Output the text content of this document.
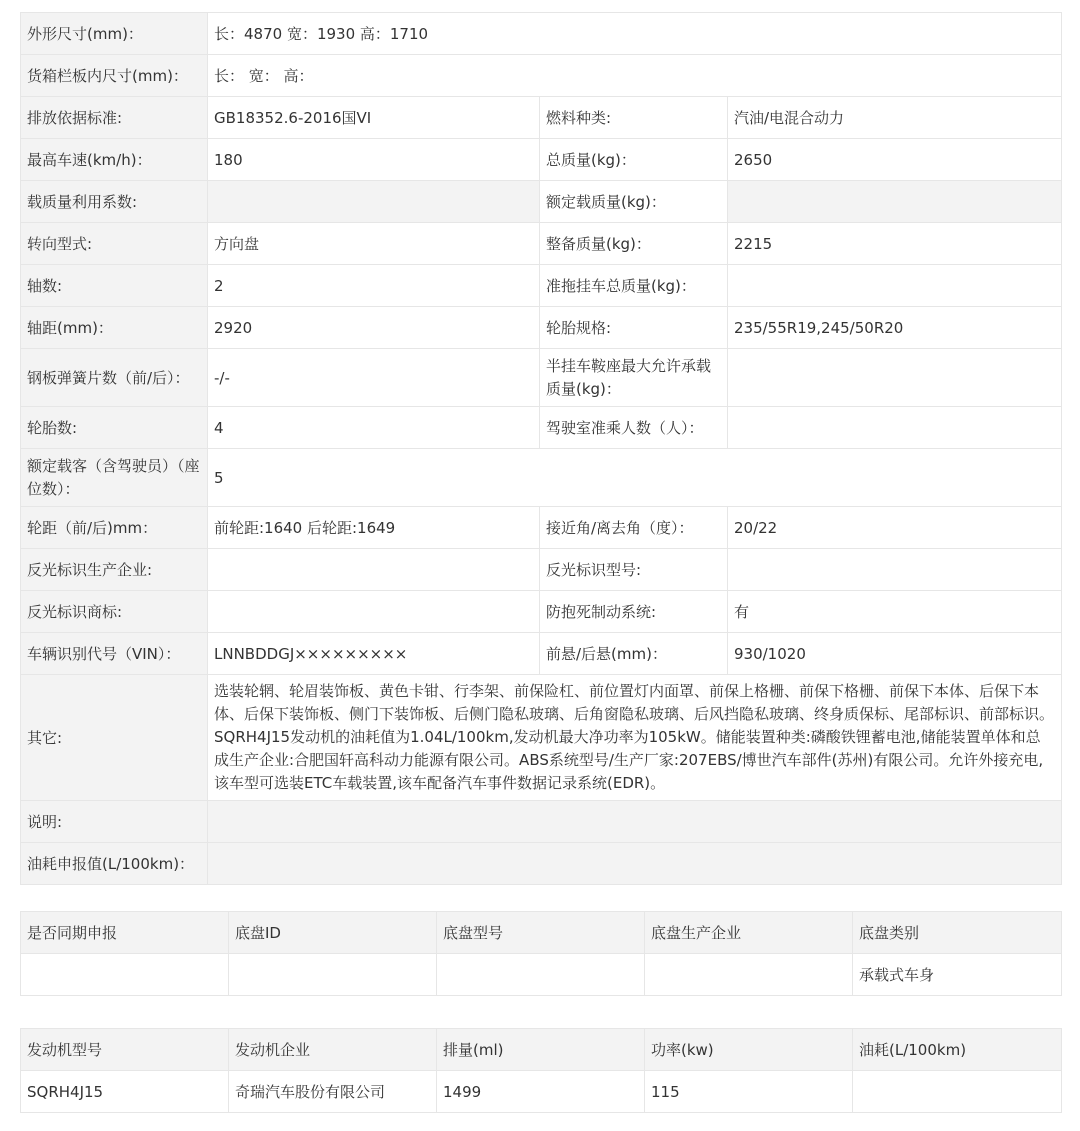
外形尺寸(mm)：	长：4870 宽：1930 高：1710		
货箱栏板内尺寸(mm)：	长： 宽： 高：		
排放依据标准:	GB18352.6-2016国VI	燃料种类:	汽油/电混合动力
最高车速(km/h)：	180	总质量(kg)：	2650
载质量利用系数:		额定载质量(kg)：	
转向型式:	方向盘	整备质量(kg)：	2215
轴数:	2	准拖挂车总质量(kg)：	
轴距(mm)：	2920	轮胎规格:	235/55R19,245/50R20
钢板弹簧片数（前/后）：	-/-	半挂车鞍座最大允许承载质量(kg)：	
轮胎数:	4	驾驶室准乘人数（人）：	
额定载客（含驾驶员）（座位数）：	5		
轮距（前/后)mm：	前轮距:1640 后轮距:1649	接近角/离去角（度）：	20/22
反光标识生产企业:		反光标识型号:	
反光标识商标:		防抱死制动系统:	有
车辆识别代号（VIN）：	LNNBDDGJ×××××××××	前悬/后悬(mm)：	930/1020
其它:	选装轮辋、轮眉装饰板、黄色卡钳、行李架、前保险杠、前位置灯内面罩、前保上格栅、前保下格栅、前保下本体、后保下本体、后保下装饰板、侧门下装饰板、后侧门隐私玻璃、后角窗隐私玻璃、后风挡隐私玻璃、终身质保标、尾部标识、前部标识。SQRH4J15发动机的油耗值为1.04L/100km,发动机最大净功率为105kW。储能装置种类:磷酸铁锂蓄电池,储能装置单体和总成生产企业:合肥国轩高科动力能源有限公司。ABS系统型号/生产厂家:207EBS/博世汽车部件(苏州)有限公司。允许外接充电,该车型可选装ETC车载装置,该车配备汽车事件数据记录系统(EDR)。		
说明:			
油耗申报值(L/100km)：			
是否同期申报	底盘ID	底盘型号	底盘生产企业	底盘类别
				承载式车身
发动机型号	发动机企业	排量(ml)	功率(kw)	油耗(L/100km)
SQRH4J15	奇瑞汽车股份有限公司	1499	115	
